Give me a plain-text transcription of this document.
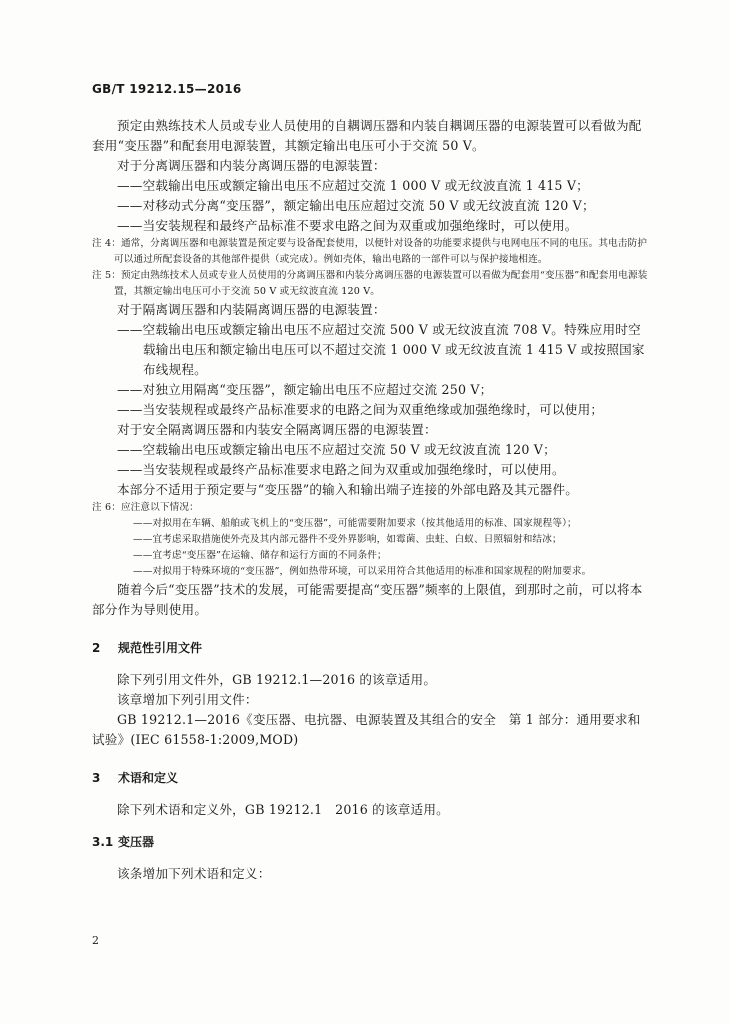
GB/T 19212.15—2016

预定由熟练技术人员或专业人员使用的自耦调压器和内装自耦调压器的电源装置可以看做为配套用“变压器”和配套用电源装置，其额定输出电压可小于交流 50 V。

对于分离调压器和内装分离调压器的电源装置：

——空载输出电压或额定输出电压不应超过交流 1 000 V 或无纹波直流 1 415 V；

——对移动式分离“变压器”，额定输出电压应超过交流 50 V 或无纹波直流 120 V；

——当安装规程和最终产品标准不要求电路之间为双重或加强绝缘时，可以使用。

注 4：通常，分离调压器和电源装置是预定要与设备配套使用，以便针对设备的功能要求提供与电网电压不同的电压。其电击防护可以通过所配套设备的其他部件提供（或完成）。例如壳体，输出电路的一部件可以与保护接地相连。

注 5：预定由熟练技术人员或专业人员使用的分离调压器和内装分离调压器的电源装置可以看做为配套用“变压器”和配套用电源装置，其额定输出电压可小于交流 50 V 或无纹波直流 120 V。

对于隔离调压器和内装隔离调压器的电源装置：

——空载输出电压或额定输出电压不应超过交流 500 V 或无纹波直流 708 V。特殊应用时空载输出电压和额定输出电压可以不超过交流 1 000 V 或无纹波直流 1 415 V 或按照国家布线规程。

——对独立用隔离“变压器”，额定输出电压不应超过交流 250 V；

——当安装规程或最终产品标准要求的电路之间为双重绝缘或加强绝缘时，可以使用；

对于安全隔离调压器和内装安全隔离调压器的电源装置：

——空载输出电压或额定输出电压不应超过交流 50 V 或无纹波直流 120 V；

——当安装规程或最终产品标准要求电路之间为双重或加强绝缘时，可以使用。

本部分不适用于预定要与“变压器”的输入和输出端子连接的外部电路及其元器件。

注 6：应注意以下情况：

——对拟用在车辆、船舶或飞机上的“变压器”，可能需要附加要求（按其他适用的标准、国家规程等）；

——宜考虑采取措施使外壳及其内部元器件不受外界影响，如霉菌、虫蛀、白蚁、日照辐射和结冰；

——宜考虑“变压器”在运输、储存和运行方面的不同条件；

——对拟用于特殊环境的“变压器”，例如热带环境，可以采用符合其他适用的标准和国家规程的附加要求。

随着今后“变压器”技术的发展，可能需要提高“变压器”频率的上限值，到那时之前，可以将本部分作为导则使用。

2 规范性引用文件

除下列引用文件外，GB 19212.1—2016 的该章适用。

该章增加下列引用文件：

GB 19212.1—2016《变压器、电抗器、电源装置及其组合的安全　第 1 部分：通用要求和试验》(IEC 61558-1:2009,MOD)

3 术语和定义

除下列术语和定义外，GB 19212.1　2016 的该章适用。

3.1 变压器

该条增加下列术语和定义：

2
